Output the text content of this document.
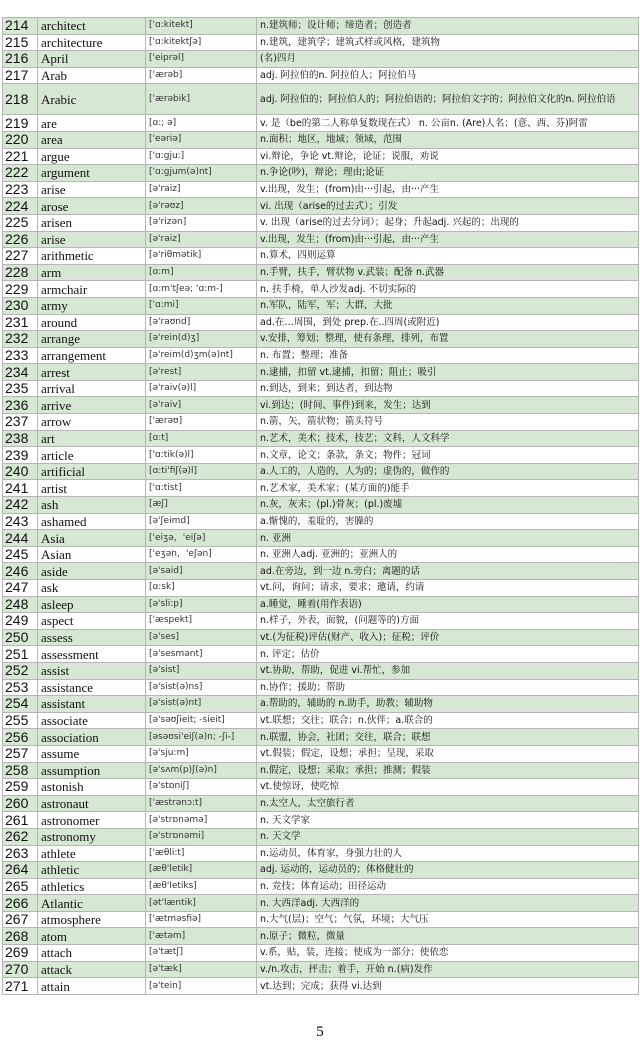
214	architect	['ɑ:kitekt]	n.建筑师；设计师；缔造者；创造者
215	architecture	['ɑ:kitektʃə]	n.建筑，建筑学；建筑式样或风格，建筑物
216	April	['eiprəl]	(名)四月
217	Arab	['ærəb]	adj. 阿拉伯的n. 阿拉伯人；阿拉伯马
218	Arabic	['ærəbik]	adj. 阿拉伯的；阿拉伯人的；阿拉伯语的；阿拉伯文字的；阿拉伯文化的n. 阿拉伯语
219	are	[ɑ:; ə]	v. 是（be的第二人称单复数现在式） n. 公亩n. (Are)人名；(意、西、芬)阿雷
220	area	['eəriə]	n.面积；地区，地域；领域，范围
221	argue	['ɑ:gju:]	vi.辩论，争论 vt.辩论，论证；说服，劝说
222	argument	['ɑ:gjum(ə)nt]	n.争论(吵)，辩论；理由;论证
223	arise	[ə'raiz]	v.出现，发生；(from)由···引起，由···产生
224	arose	[ə'rəʊz]	vi. 出现（arise的过去式）；引发
225	arisen	[ə'rizən]	v. 出现（arise的过去分词）；起身；升起adj. 兴起的；出现的
226	arise	[ə'raiz]	v.出现，发生；(from)由···引起，由···产生
227	arithmetic	[ə'riθmətik]	n.算术，四则运算
228	arm	[ɑ:m]	n.手臂，扶手，臂状物 v.武装；配备 n.武器
229	armchair	[ɑ:m'tʃeə; 'ɑ:m-]	n. 扶手椅，单人沙发adj. 不切实际的
230	army	['ɑ:mi]	n.军队，陆军，军；大群，大批
231	around	[ə'raʊnd]	ad.在…周围，到处 prep.在..四周(或附近)
232	arrange	[ə'rein(d)ʒ]	v.安排，筹划；整理，使有条理，排列，布置
233	arrangement	[ə'reim(d)ʒm(ə)nt]	n. 布置；整理；准备
234	arrest	[ə'rest]	n.逮捕，扣留 vt.逮捕，扣留；阻止；吸引
235	arrival	[ə'raiv(ə)l]	n.到达，到来；到达者，到达物
236	arrive	[ə'raiv]	vi.到达；(时间、事件)到来，发生；达到
237	arrow	['ærəʊ]	n.箭，矢，箭状物；箭头符号
238	art	[ɑ:t]	n.艺术，美术；技术，技艺；文科，人文科学
239	article	['ɑ:tik(ə)l]	n.文章，论文；条款，条文；物件；冠词
240	artificial	[ɑ:ti'fiʃ(ə)l]	a.人工的，人造的，人为的；虚伪的，做作的
241	artist	['ɑ:tist]	n.艺术家，美术家；(某方面的)能手
242	ash	[æʃ]	n.灰，灰末；(pl.)骨灰；(pl.)废墟
243	ashamed	[ə'ʃeimd]	a.惭愧的，羞耻的，害臊的
244	Asia	['eiʒə，'eiʃə]	n. 亚洲
245	Asian	['eʒən，'eʃən]	n. 亚洲人adj. 亚洲的；亚洲人的
246	aside	[ə'said]	ad.在旁边，到一边 n.旁白；离题的话
247	ask	[ɑ:sk]	vt.问，询问；请求，要求；邀请，约请
248	asleep	[ə'sli:p]	a.睡觉，睡着(用作表语)
249	aspect	['æspekt]	n.样子，外表，面貌，(问题等的)方面
250	assess	[ə'ses]	vt.(为征税)评估(财产、收入)；征税；评价
251	assessment	[ə'sesmənt]	n. 评定；估价
252	assist	[ə'sist]	vt.协助，帮助，促进 vi.帮忙，参加
253	assistance	[ə'sist(ə)ns]	n.协作；援助；帮助
254	assistant	[ə'sist(ə)nt]	a.帮助的，辅助的 n.助手，助教；辅助物
255	associate	[ə'səʊʃieit; -sieit]	vt.联想；交往；联合；n.伙伴；a.联合的
256	association	[əsəʊsi'eiʃ(ə)n; -ʃi-]	n.联盟，协会，社团；交往，联合；联想
257	assume	[ə'sju:m]	vt.假装；假定，设想；承担；呈现，采取
258	assumption	[ə'sʌm(p)ʃ(ə)n]	n.假定，设想；采取；承担；推测；假装
259	astonish	[ə'stɒniʃ]	vt.使惊讶，使吃惊
260	astronaut	['æstrənɔ:t]	n.太空人，太空旅行者
261	astronomer	[ə'strɒnəmə]	n. 天文学家
262	astronomy	[ə'strɒnəmi]	n. 天文学
263	athlete	['æθli:t]	n.运动员，体育家，身强力壮的人
264	athletic	[æθ'letik]	adj. 运动的，运动员的；体格健壮的
265	athletics	[æθ'letiks]	n. 竞技；体育运动；田径运动
266	Atlantic	[ət'læntik]	n. 大西洋adj. 大西洋的
267	atmosphere	['ætməsfiə]	n.大气(层)；空气；气氛，环境；大气压
268	atom	['ætəm]	n.原子；微粒，微量
269	attach	[ə'tætʃ]	v.系，贴，装，连接；使成为一部分；使依恋
270	attack	[ə'tæk]	v./n.攻击，抨击；着手，开始 n.(病)发作
271	attain	[ə'tein]	vt.达到；完成；获得 vi.达到
5
